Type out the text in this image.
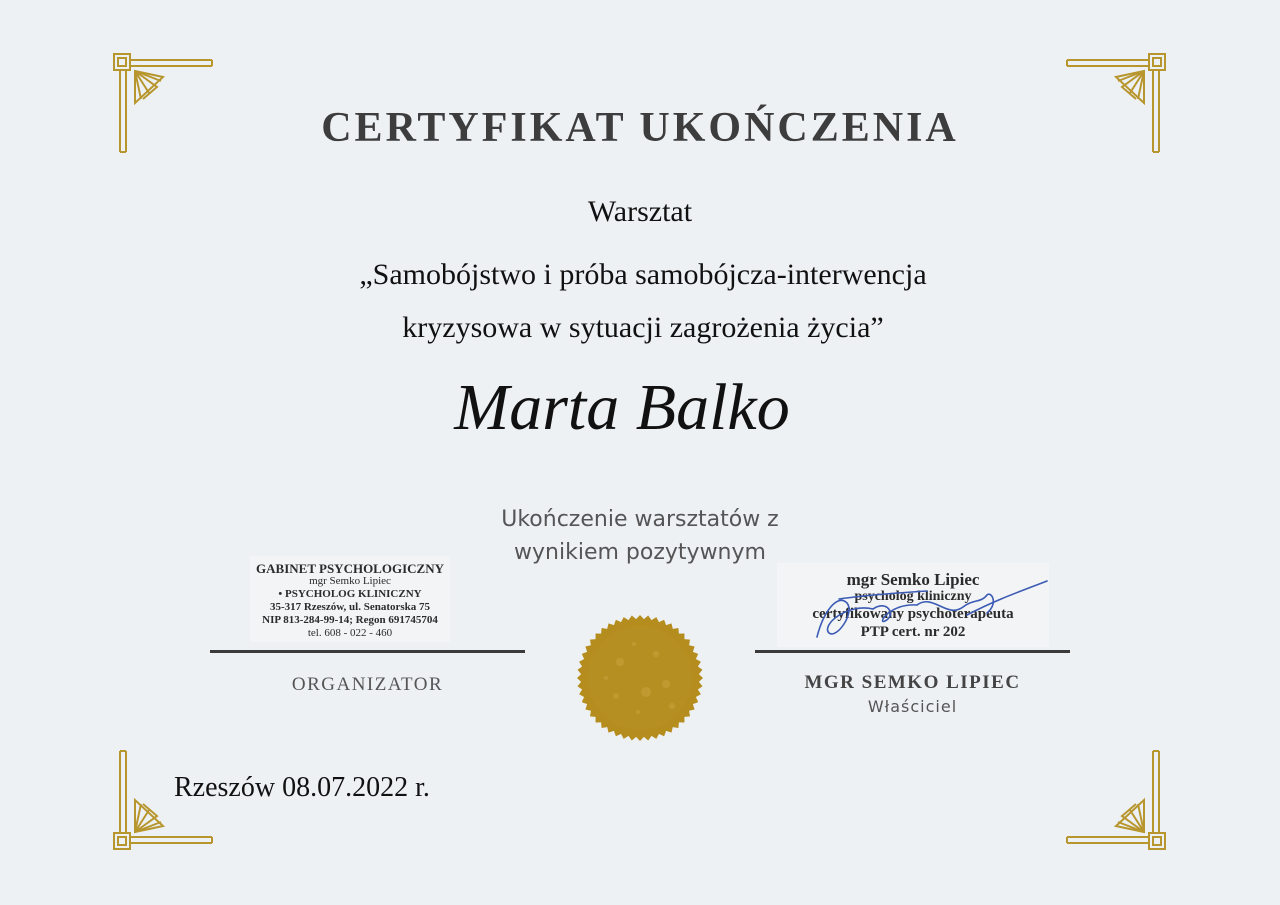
CERTYFIKAT UKOŃCZENIA
Warsztat
„Samobójstwo i próba samobójcza-interwencja
kryzysowa w sytuacji zagrożenia życia”
Marta Balko
Ukończenie warsztatów z
wynikiem pozytywnym
GABINET PSYCHOLOGICZNY
mgr Semko Lipiec
• PSYCHOLOG KLINICZNY
35-317 Rzeszów, ul. Senatorska 75
NIP 813-284-99-14; Regon 691745704
tel. 608 - 022 - 460
mgr Semko Lipiec
psycholog kliniczny
certyfikowany psychoterapeuta
PTP cert. nr 202
ORGANIZATOR	MGR SEMKO LIPIEC
Właściciel
Rzeszów 08.07.2022 r.
